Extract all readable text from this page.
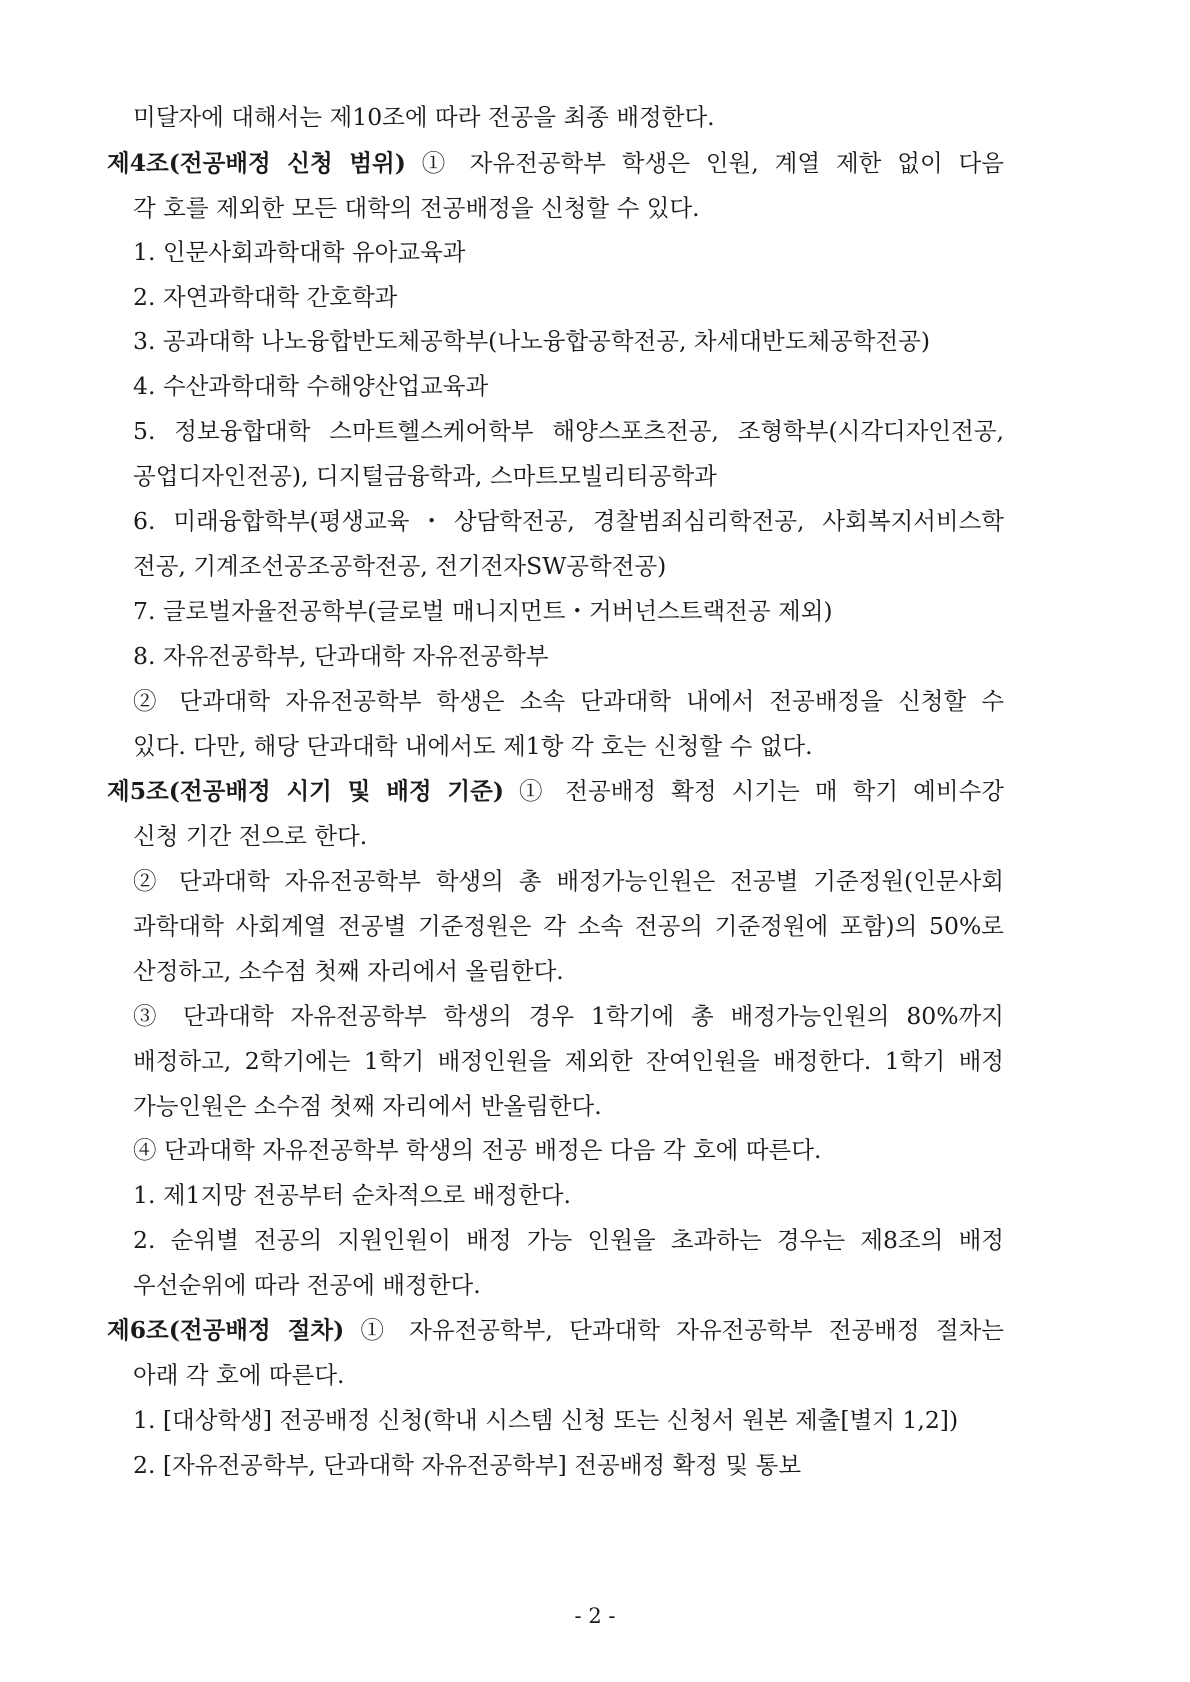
미달자에 대해서는 제10조에 따라 전공을 최종 배정한다.
제4조(전공배정 신청 범위) ① 자유전공학부 학생은 인원, 계열 제한 없이 다음
각 호를 제외한 모든 대학의 전공배정을 신청할 수 있다.
1. 인문사회과학대학 유아교육과
2. 자연과학대학 간호학과
3. 공과대학 나노융합반도체공학부(나노융합공학전공, 차세대반도체공학전공)
4. 수산과학대학 수해양산업교육과
5. 정보융합대학 스마트헬스케어학부 해양스포츠전공, 조형학부(시각디자인전공,
공업디자인전공), 디지털금융학과, 스마트모빌리티공학과
6. 미래융합학부(평생교육・상담학전공, 경찰범죄심리학전공, 사회복지서비스학
전공, 기계조선공조공학전공, 전기전자SW공학전공)
7. 글로벌자율전공학부(글로벌 매니지먼트・거버넌스트랙전공 제외)
8. 자유전공학부, 단과대학 자유전공학부
② 단과대학 자유전공학부 학생은 소속 단과대학 내에서 전공배정을 신청할 수
있다. 다만, 해당 단과대학 내에서도 제1항 각 호는 신청할 수 없다.
제5조(전공배정 시기 및 배정 기준) ① 전공배정 확정 시기는 매 학기 예비수강
신청 기간 전으로 한다.
② 단과대학 자유전공학부 학생의 총 배정가능인원은 전공별 기준정원(인문사회
과학대학 사회계열 전공별 기준정원은 각 소속 전공의 기준정원에 포함)의 50%로
산정하고, 소수점 첫째 자리에서 올림한다.
③ 단과대학 자유전공학부 학생의 경우 1학기에 총 배정가능인원의 80%까지
배정하고, 2학기에는 1학기 배정인원을 제외한 잔여인원을 배정한다. 1학기 배정
가능인원은 소수점 첫째 자리에서 반올림한다.
④ 단과대학 자유전공학부 학생의 전공 배정은 다음 각 호에 따른다.
1. 제1지망 전공부터 순차적으로 배정한다.
2. 순위별 전공의 지원인원이 배정 가능 인원을 초과하는 경우는 제8조의 배정
우선순위에 따라 전공에 배정한다.
제6조(전공배정 절차) ① 자유전공학부, 단과대학 자유전공학부 전공배정 절차는
아래 각 호에 따른다.
1. [대상학생] 전공배정 신청(학내 시스템 신청 또는 신청서 원본 제출[별지 1,2])
2. [자유전공학부, 단과대학 자유전공학부] 전공배정 확정 및 통보
- 2 -
